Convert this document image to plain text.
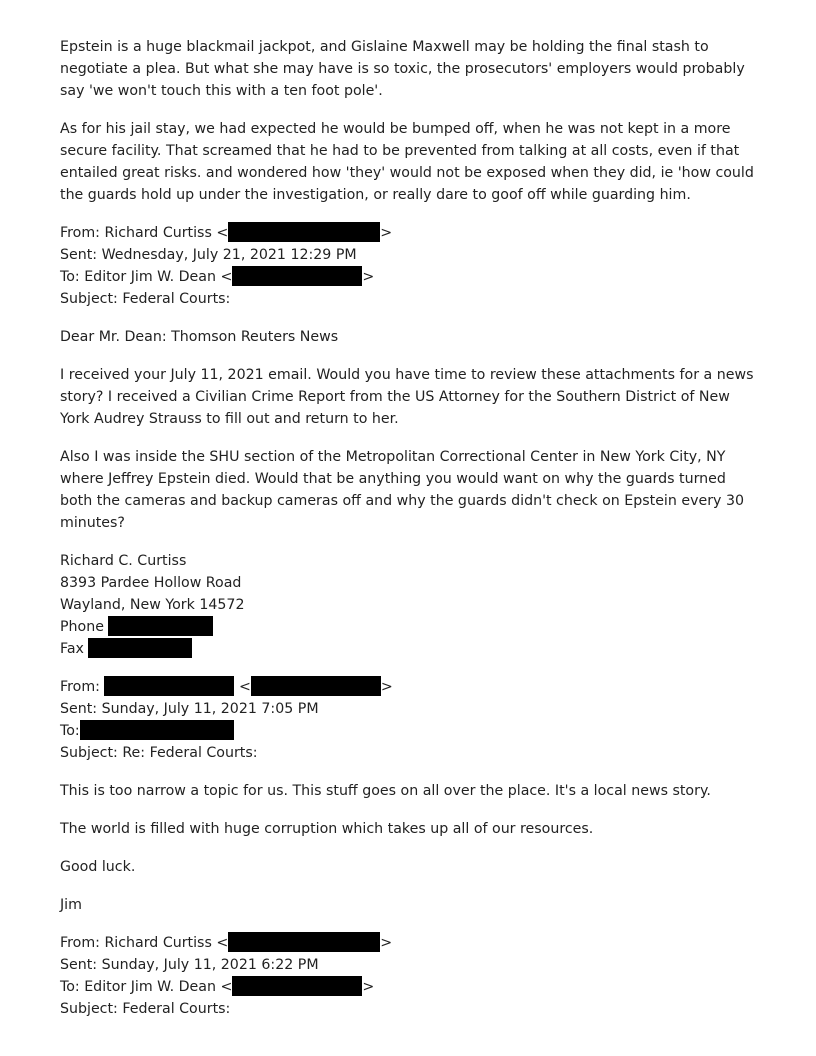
Epstein is a huge blackmail jackpot, and Gislaine Maxwell may be holding the final stash to negotiate a plea. But what she may have is so toxic, the prosecutors' employers would probably say 'we won't touch this with a ten foot pole'.

As for his jail stay, we had expected he would be bumped off, when he was not kept in a more secure facility. That screamed that he had to be prevented from talking at all costs, even if that entailed great risks. and wondered how 'they' would not be exposed when they did, ie 'how could the guards hold up under the investigation, or really dare to goof off while guarding him.

From: Richard Curtiss <	>
Sent: Wednesday, July 21, 2021 12:29 PM
To: Editor Jim W. Dean <	>
Subject: Federal Courts:

Dear Mr. Dean: Thomson Reuters News

I received your July 11, 2021 email. Would you have time to review these attachments for a news story? I received a Civilian Crime Report from the US Attorney for the Southern District of New York Audrey Strauss to fill out and return to her.

Also I was inside the SHU section of the Metropolitan Correctional Center in New York City, NY where Jeffrey Epstein died. Would that be anything you would want on why the guards turned both the cameras and backup cameras off and why the guards didn't check on Epstein every 30 minutes?

Richard C. Curtiss
8393 Pardee Hollow Road
Wayland, New York 14572
Phone
Fax
From:	<	>
Sent: Sunday, July 11, 2021 7:05 PM
To:
Subject: Re: Federal Courts:

This is too narrow a topic for us. This stuff goes on all over the place. It's a local news story.

The world is filled with huge corruption which takes up all of our resources.

Good luck.

Jim

From: Richard Curtiss <	>
Sent: Sunday, July 11, 2021 6:22 PM
To: Editor Jim W. Dean <	>
Subject: Federal Courts:
